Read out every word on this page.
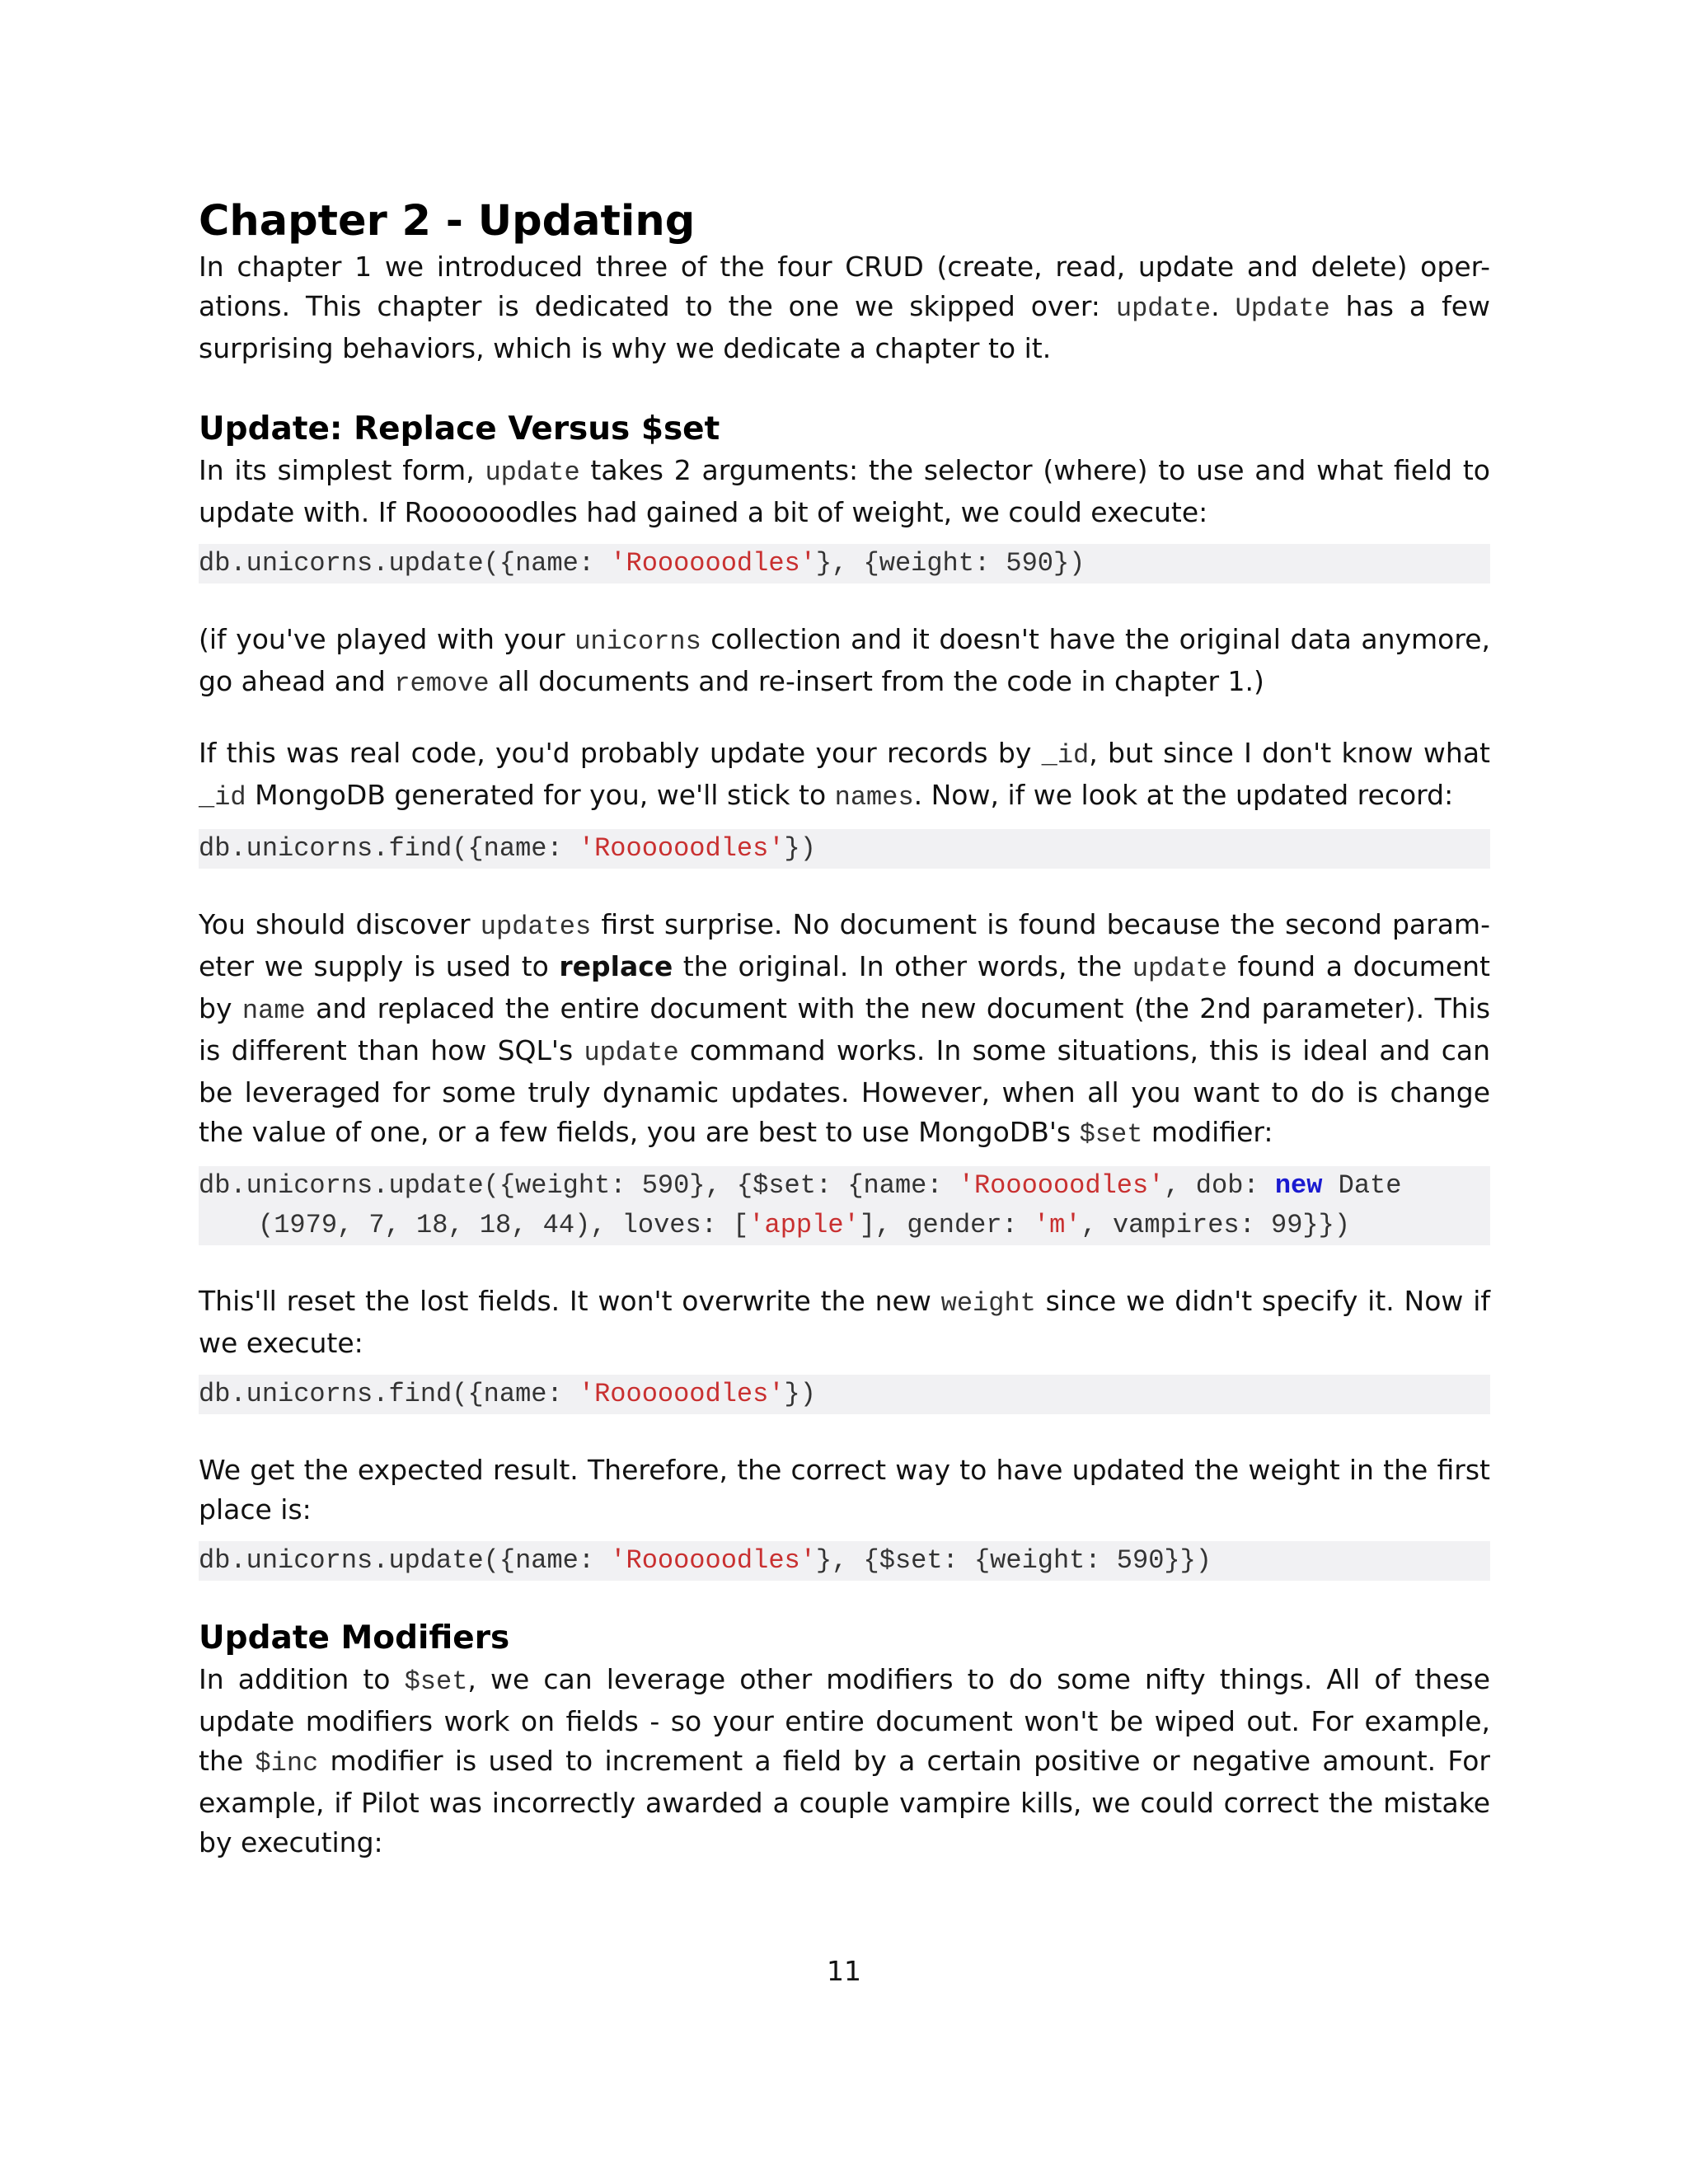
Chapter 2 - Updating

In chapter 1 we introduced three of the four CRUD (create, read, update and delete) oper- ations. This chapter is dedicated to the one we skipped over: update. Update has a few surprising behaviors, which is why we dedicate a chapter to it.

Update: Replace Versus $set

In its simplest form, update takes 2 arguments: the selector (where) to use and what field to update with. If Roooooodles had gained a bit of weight, we could execute:

db.unicorns.update({name: 'Roooooodles'}, {weight: 590})

(if you've played with your unicorns collection and it doesn't have the original data anymore, go ahead and remove all documents and re-insert from the code in chapter 1.)

If this was real code, you'd probably update your records by _id, but since I don't know what _id MongoDB generated for you, we'll stick to names. Now, if we look at the updated record:

db.unicorns.find({name: 'Roooooodles'})

You should discover updates first surprise. No document is found because the second param- eter we supply is used to replace the original. In other words, the update found a document by name and replaced the entire document with the new document (the 2nd parameter). This is different than how SQL's update command works. In some situations, this is ideal and can be leveraged for some truly dynamic updates. However, when all you want to do is change the value of one, or a few fields, you are best to use MongoDB's $set modifier:

db.unicorns.update({weight: 590}, {$set: {name: 'Roooooodles', dob: new Date
(1979, 7, 18, 18, 44), loves: ['apple'], gender: 'm', vampires: 99}})

This'll reset the lost fields. It won't overwrite the new weight since we didn't specify it. Now if we execute:

db.unicorns.find({name: 'Roooooodles'})

We get the expected result. Therefore, the correct way to have updated the weight in the first place is:

db.unicorns.update({name: 'Roooooodles'}, {$set: {weight: 590}})
Update Modifiers

In addition to $set, we can leverage other modifiers to do some nifty things. All of these update modifiers work on fields - so your entire document won't be wiped out. For example, the $inc modifier is used to increment a field by a certain positive or negative amount. For example, if Pilot was incorrectly awarded a couple vampire kills, we could correct the mistake by executing:

11
